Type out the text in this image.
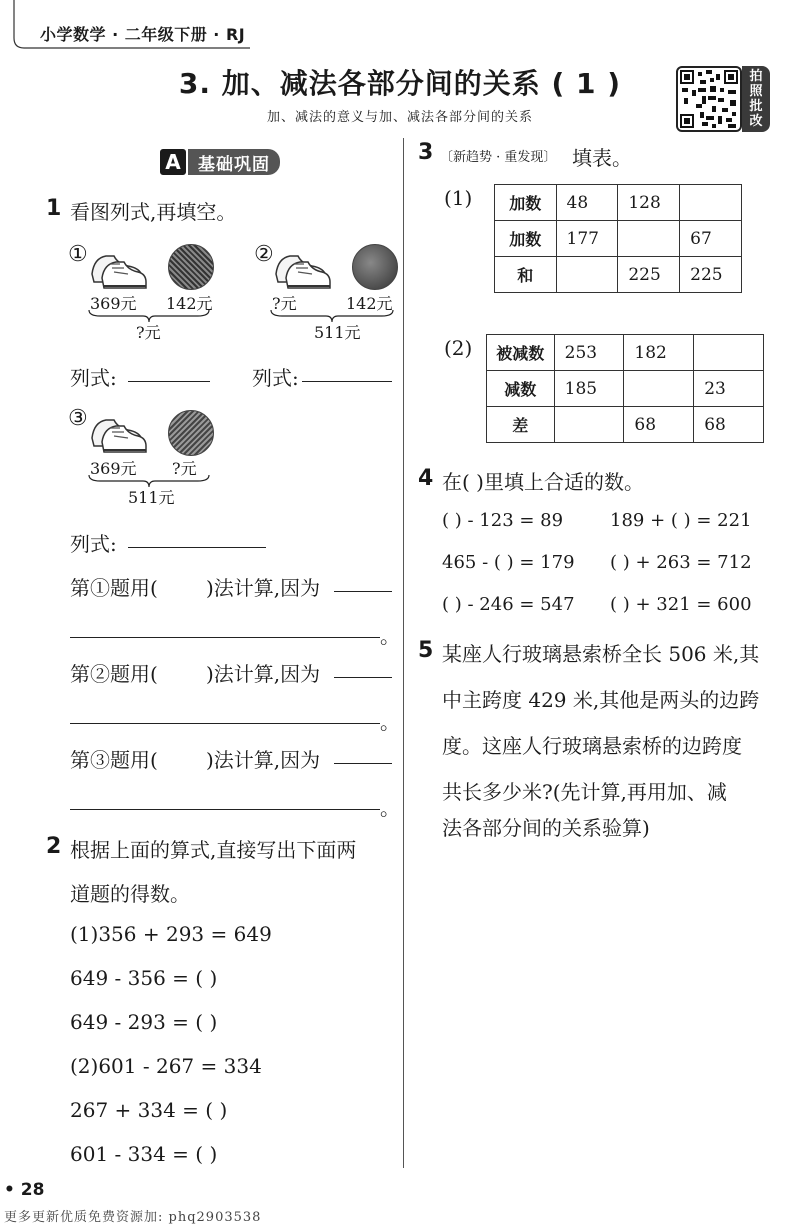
小学数学 · 二年级下册 · RJ
3. 加、减法各部分间的关系 ( 1 )
加、减法的意义与加、减法各部分间的关系
拍
照
批
改
A	基础巩固
1 看图列式,再填空。
①
369元 142元
?元
②
?元	142元
511元
列式:	列式:
③
369元 ?元
511元
列式:
第①题用( )法计算,因为
。
第②题用( )法计算,因为
。
第③题用( )法计算,因为
。
2 根据上面的算式,直接写出下面两
道题的得数。
(1)356 + 293 = 649
649 - 356 = ( )
649 - 293 = ( )
(2)601 - 267 = 334
267 + 334 = ( )
601 - 334 = ( )
3 〔新趋势 · 重发现〕 填表。
(1) 加数	48	128	
加数	177		67
和		225	225
(2) 被减数	253	182	
减数	185		23
差		68	68
4 在( )里填上合适的数。
( ) - 123 = 89	189 + ( ) = 221
465 - ( ) = 179 ( ) + 263 = 712
( ) - 246 = 547 ( ) + 321 = 600
5 某座人行玻璃悬索桥全长 506 米,其
中主跨度 429 米,其他是两头的边跨
度。这座人行玻璃悬索桥的边跨度
共长多少米?(先计算,再用加、减
法各部分间的关系验算)
• 28
更多更新优质免费资源加: phq2903538
